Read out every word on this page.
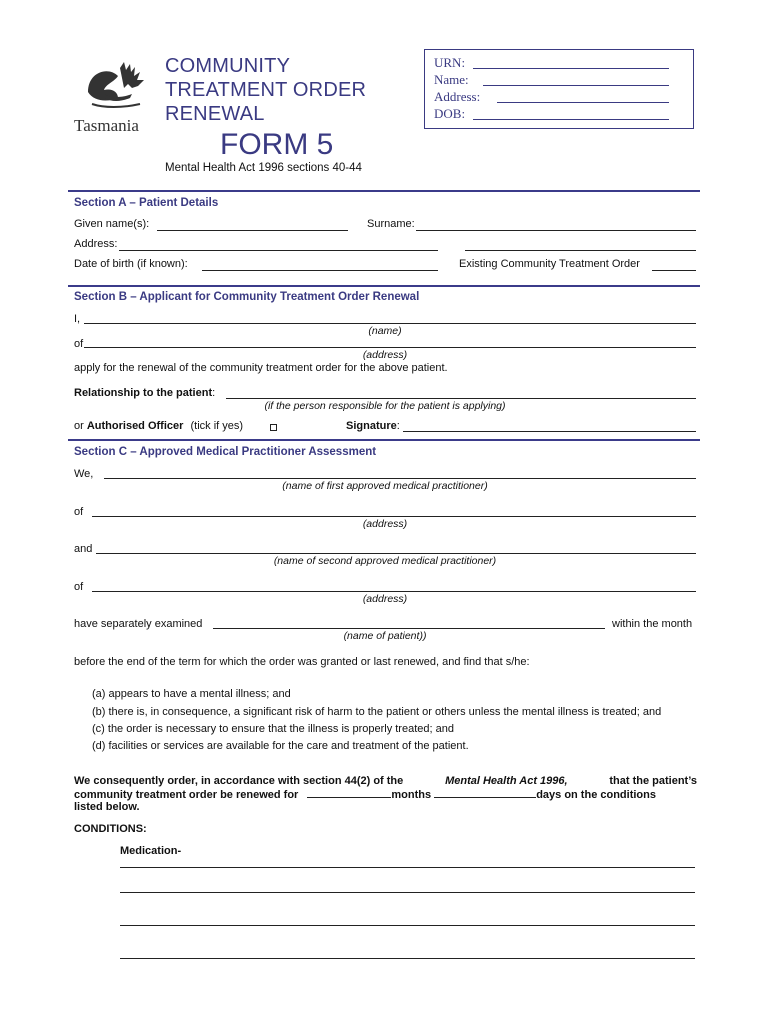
Tasmania
COMMUNITY
TREATMENT ORDER
RENEWAL
FORM 5
Mental Health Act 1996 sections 40-44
URN:
Name:
Address:
DOB:
Section A – Patient Details
Given name(s):	Surname:
Address:
Date of birth (if known):	Existing Community Treatment Order
Section B – Applicant for Community Treatment Order Renewal
I,
(name)
of
(address)
apply for the renewal of the community treatment order for the above patient.
Relationship to the patient:
(if the person responsible for the patient is applying)
or Authorised Officer (tick if yes)	Signature:
Section C – Approved Medical Practitioner Assessment
We,
(name of first approved medical practitioner)
of
(address)
and
(name of second approved medical practitioner)
of
(address)
have separately examined	within the month
(name of patient))
before the end of the term for which the order was granted or last renewed, and find that s/he:
(a) appears to have a mental illness; and
(b) there is, in consequence, a significant risk of harm to the patient or others unless the mental illness is treated; and
(c) the order is necessary to ensure that the illness is properly treated; and
(d) facilities or services are available for the care and treatment of the patient.
We consequently order, in accordance with section 44(2) of the	Mental Health Act 1996,	that the patient’s
community treatment order be renewed for	months	days on the conditions
listed below.
CONDITIONS:
Medication-
